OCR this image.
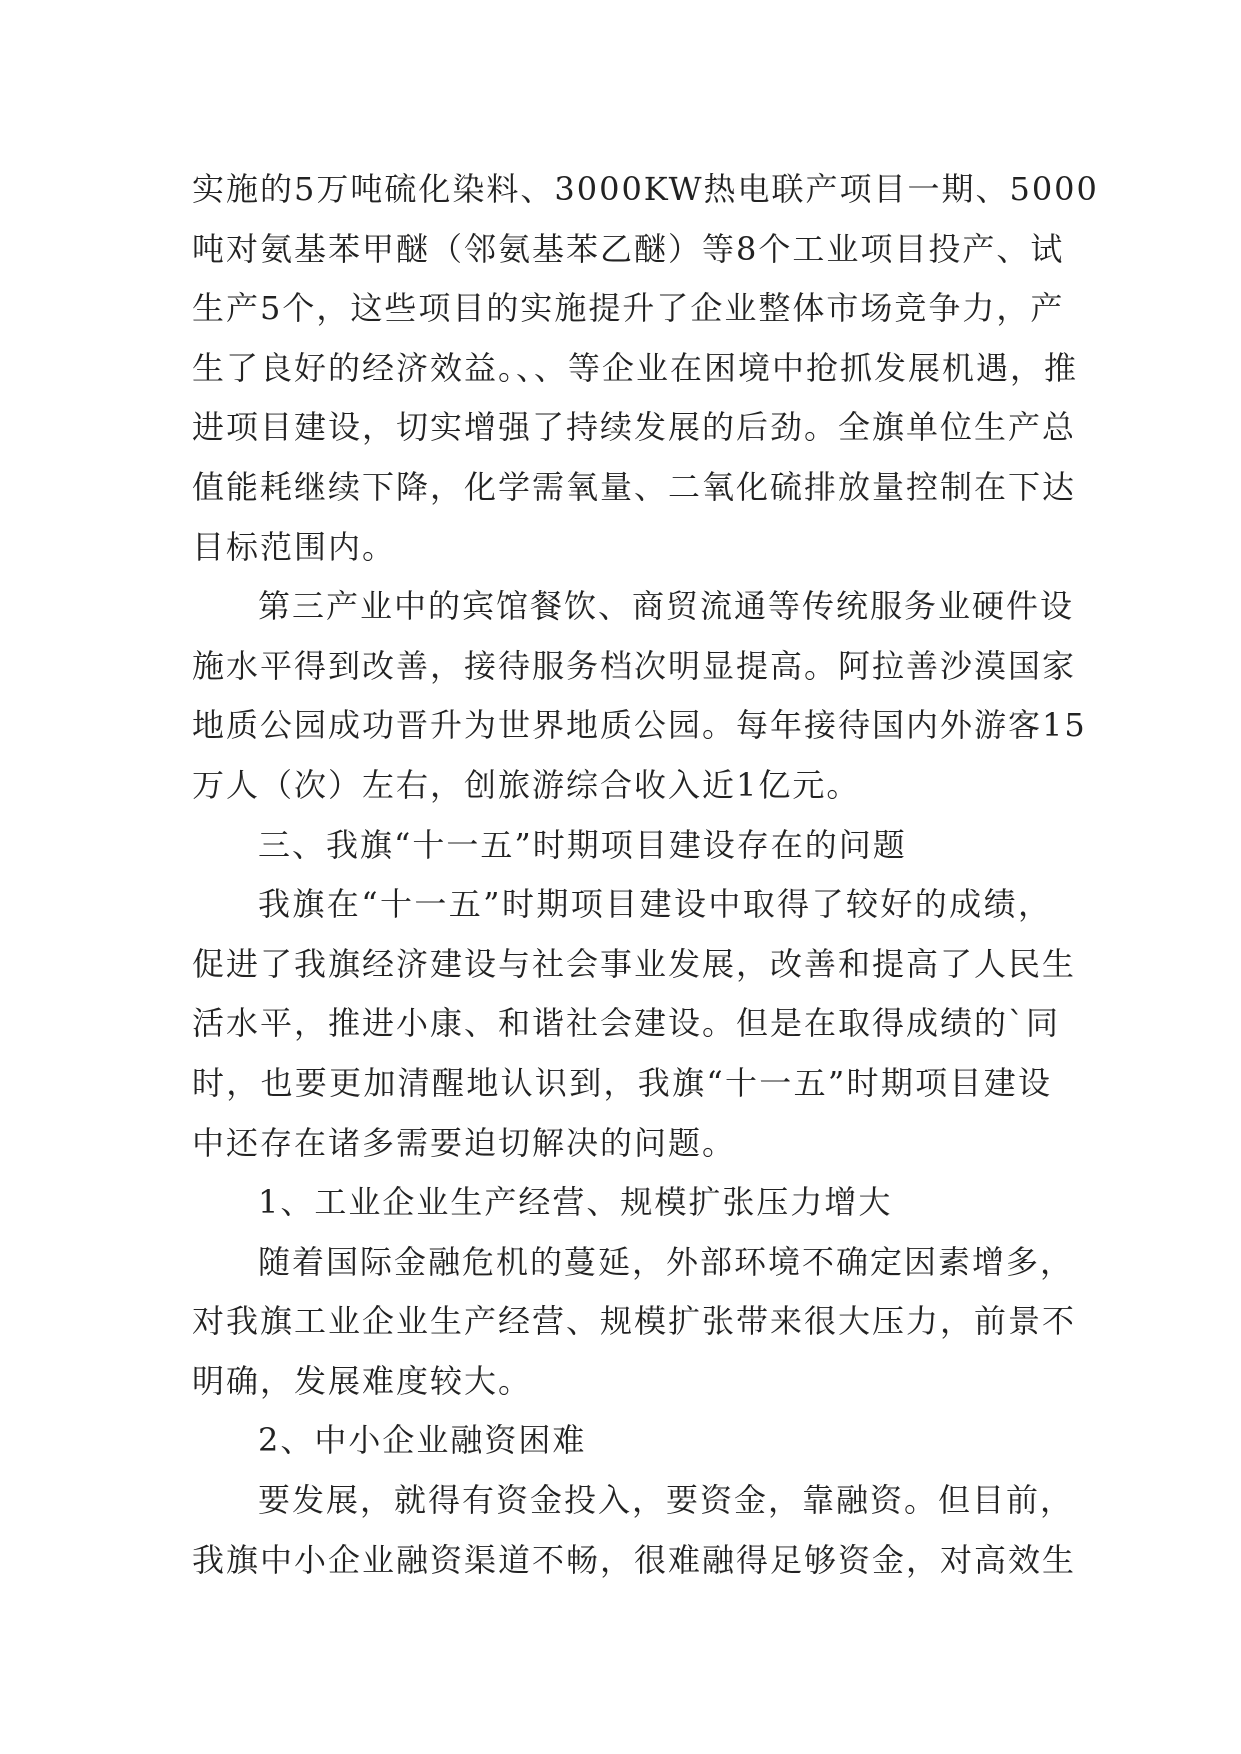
实施的5万吨硫化染料、3000KW热电联产项目一期、5000
吨对氨基苯甲醚（邻氨基苯乙醚）等8个工业项目投产、试
生产5个，这些项目的实施提升了企业整体市场竞争力，产
生了良好的经济效益。、、等企业在困境中抢抓发展机遇，推
进项目建设，切实增强了持续发展的后劲。全旗单位生产总
值能耗继续下降，化学需氧量、二氧化硫排放量控制在下达
目标范围内。

第三产业中的宾馆餐饮、商贸流通等传统服务业硬件设
施水平得到改善，接待服务档次明显提高。阿拉善沙漠国家
地质公园成功晋升为世界地质公园。每年接待国内外游客15
万人（次）左右，创旅游综合收入近1亿元。

三、我旗“十一五”时期项目建设存在的问题

我旗在“十一五”时期项目建设中取得了较好的成绩，
促进了我旗经济建设与社会事业发展，改善和提高了人民生
活水平，推进小康、和谐社会建设。但是在取得成绩的`同
时，也要更加清醒地认识到，我旗“十一五”时期项目建设
中还存在诸多需要迫切解决的问题。

1、工业企业生产经营、规模扩张压力增大

随着国际金融危机的蔓延，外部环境不确定因素增多，
对我旗工业企业生产经营、规模扩张带来很大压力，前景不
明确，发展难度较大。

2、中小企业融资困难

要发展，就得有资金投入，要资金，靠融资。但目前，
我旗中小企业融资渠道不畅，很难融得足够资金，对高效生
